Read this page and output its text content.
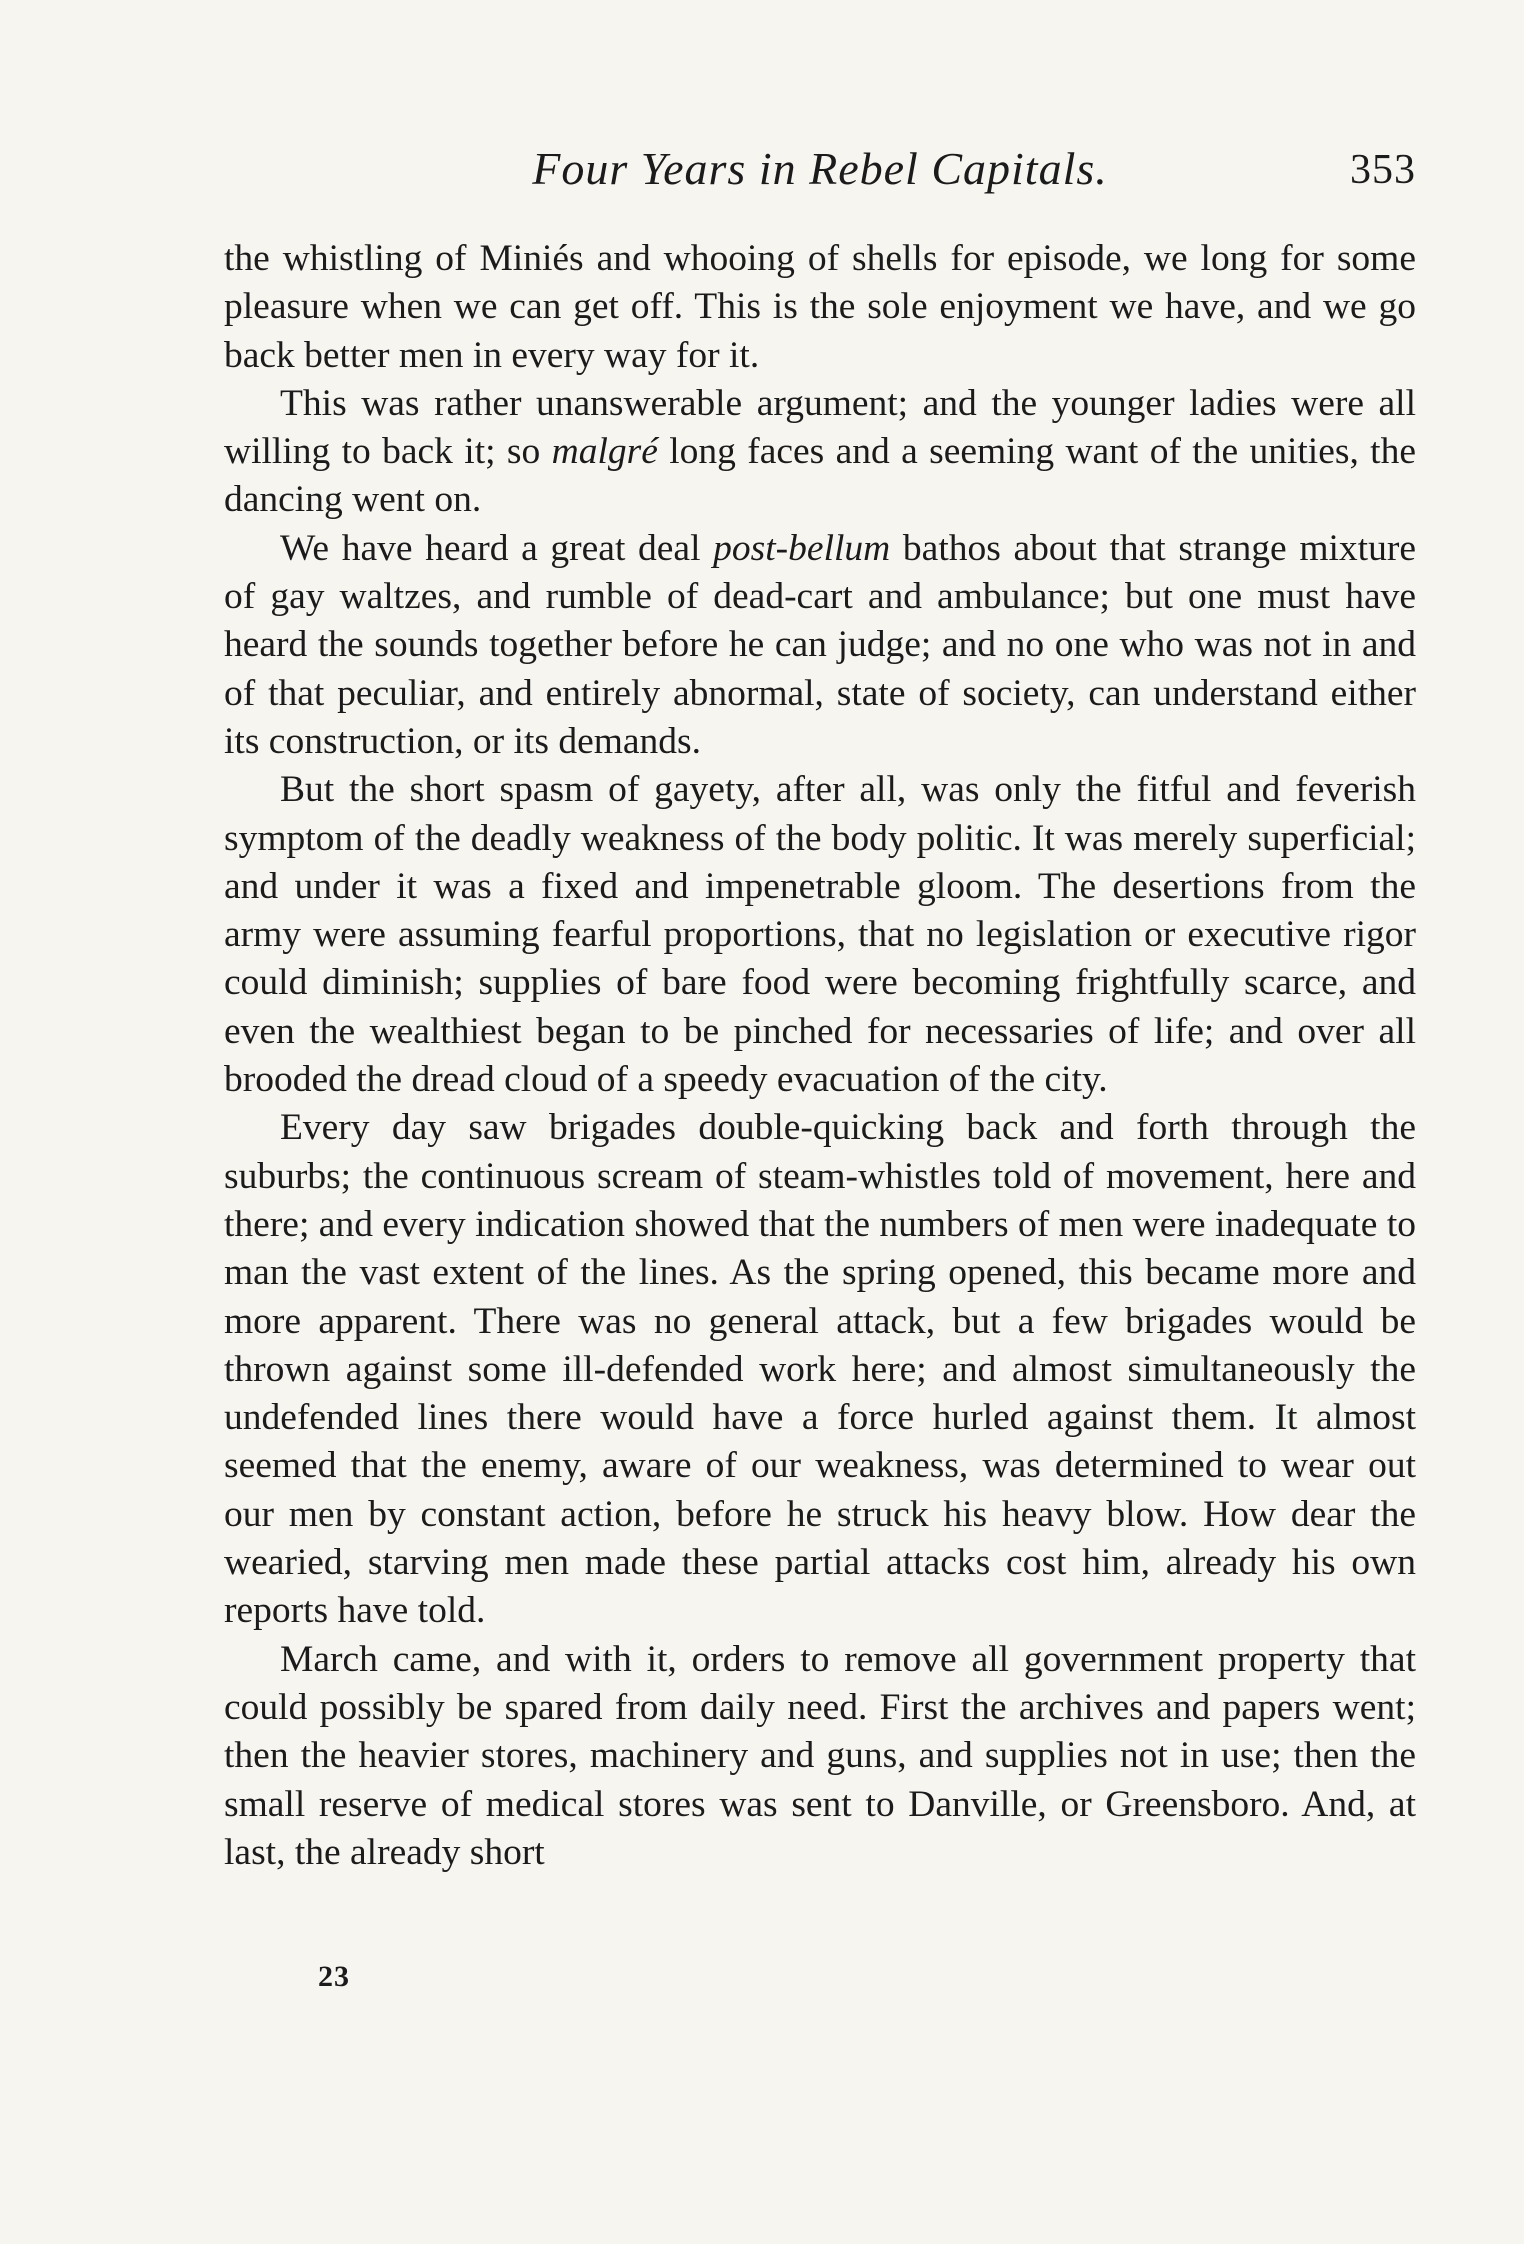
Four Years in Rebel Capitals.	353

the whistling of Miniés and whooing of shells for episode, we long for some pleasure when we can get off. This is the sole enjoyment we have, and we go back better men in every way for it.

This was rather unanswerable argument; and the younger ladies were all willing to back it; so malgré long faces and a seeming want of the unities, the dancing went on.

We have heard a great deal post-bellum bathos about that strange mixture of gay waltzes, and rumble of dead-cart and ambulance; but one must have heard the sounds together before he can judge; and no one who was not in and of that peculiar, and entirely abnormal, state of society, can understand either its construction, or its demands.

But the short spasm of gayety, after all, was only the fitful and feverish symptom of the deadly weakness of the body politic. It was merely superficial; and under it was a fixed and impenetrable gloom. The desertions from the army were assuming fearful proportions, that no legislation or executive rigor could diminish; supplies of bare food were becoming frightfully scarce, and even the wealthiest began to be pinched for necessaries of life; and over all brooded the dread cloud of a speedy evacuation of the city.

Every day saw brigades double-quicking back and forth through the suburbs; the continuous scream of steam-whistles told of movement, here and there; and every indication showed that the numbers of men were inadequate to man the vast extent of the lines. As the spring opened, this became more and more apparent. There was no general attack, but a few brigades would be thrown against some ill-defended work here; and almost simultaneously the undefended lines there would have a force hurled against them. It almost seemed that the enemy, aware of our weakness, was determined to wear out our men by constant action, before he struck his heavy blow. How dear the wearied, starving men made these partial attacks cost him, already his own reports have told.

March came, and with it, orders to remove all government property that could possibly be spared from daily need. First the archives and papers went; then the heavier stores, machinery and guns, and supplies not in use; then the small reserve of medical stores was sent to Danville, or Greensboro. And, at last, the already short

23
